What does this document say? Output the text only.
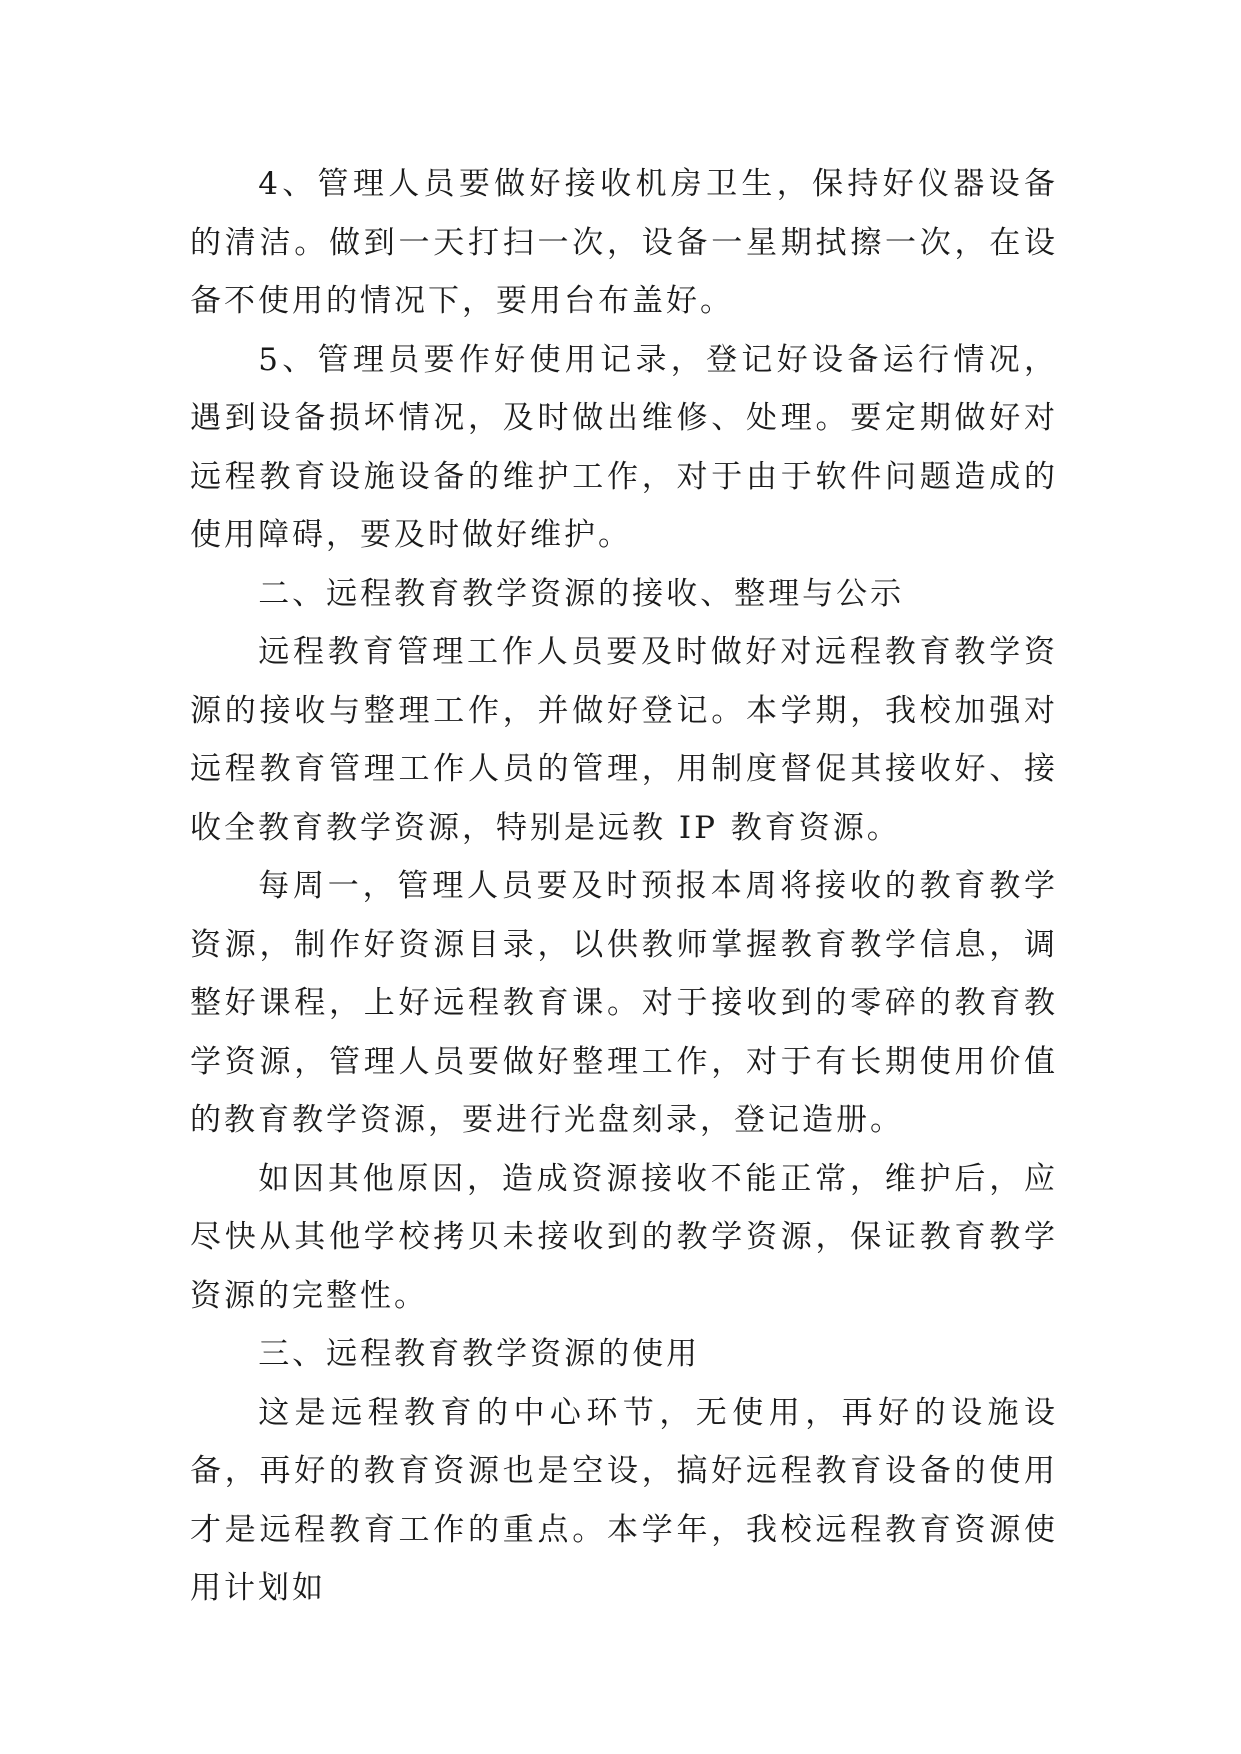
4、管理人员要做好接收机房卫生，保持好仪器设备的清洁。做到一天打扫一次，设备一星期拭擦一次，在设备不使用的情况下，要用台布盖好。

5、管理员要作好使用记录，登记好设备运行情况，遇到设备损坏情况，及时做出维修、处理。要定期做好对远程教育设施设备的维护工作，对于由于软件问题造成的使用障碍，要及时做好维护。

二、远程教育教学资源的接收、整理与公示

远程教育管理工作人员要及时做好对远程教育教学资源的接收与整理工作，并做好登记。本学期，我校加强对远程教育管理工作人员的管理，用制度督促其接收好、接收全教育教学资源，特别是远教 IP 教育资源。

每周一，管理人员要及时预报本周将接收的教育教学资源，制作好资源目录，以供教师掌握教育教学信息，调整好课程，上好远程教育课。对于接收到的零碎的教育教学资源，管理人员要做好整理工作，对于有长期使用价值的教育教学资源，要进行光盘刻录，登记造册。

如因其他原因，造成资源接收不能正常，维护后，应尽快从其他学校拷贝未接收到的教学资源，保证教育教学资源的完整性。

三、远程教育教学资源的使用

这是远程教育的中心环节，无使用，再好的设施设备，再好的教育资源也是空设，搞好远程教育设备的使用才是远程教育工作的重点。本学年，我校远程教育资源使用计划如
